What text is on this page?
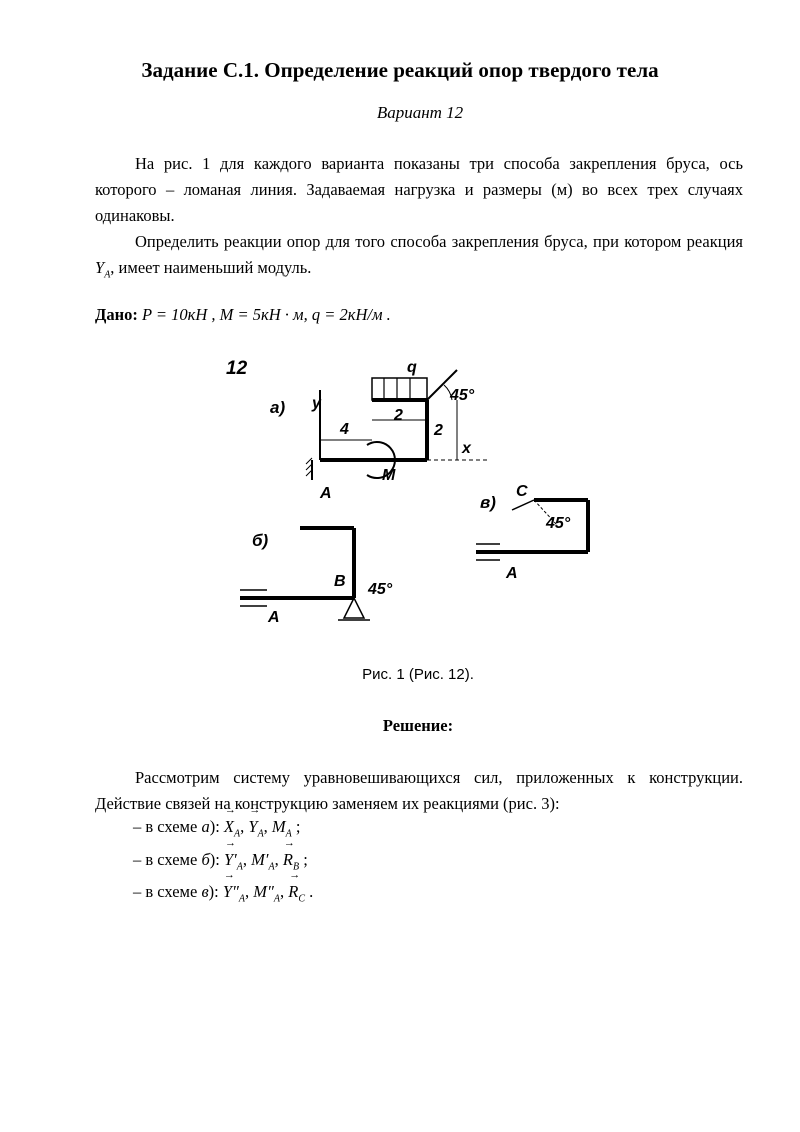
Задание С.1. Определение реакций опор твердого тела
Вариант 12
На рис. 1 для каждого варианта показаны три способа закрепления бруса, ось которого – ломаная линия. Задаваемая нагрузка и размеры (м) во всех трех случаях одинаковы.
Определить реакции опор для того способа закрепления бруса, при котором реакция $Y_A$, имеет наименьший модуль.
Дано: P = 10кН , M = 5кН · м, q = 2кН/м .
12
а) y
q
45°
2
2
4
x
M
A
б)
B 45°
A
в)
C
45°
A
Рис. 1 (Рис. 12).
Решение:
Рассмотрим систему уравновешивающихся сил, приложенных к конструкции. Действие связей на конструкцию заменяем их реакциями (рис. 3):
– в схеме а): → $X_A$, → $Y_A$, $M_A$ ;
– в схеме б): → $Y'_A$, $M'_A$, → $R_B$ ;
– в схеме в): → $Y''_A$, $M''_A$, → $R_C$ .
